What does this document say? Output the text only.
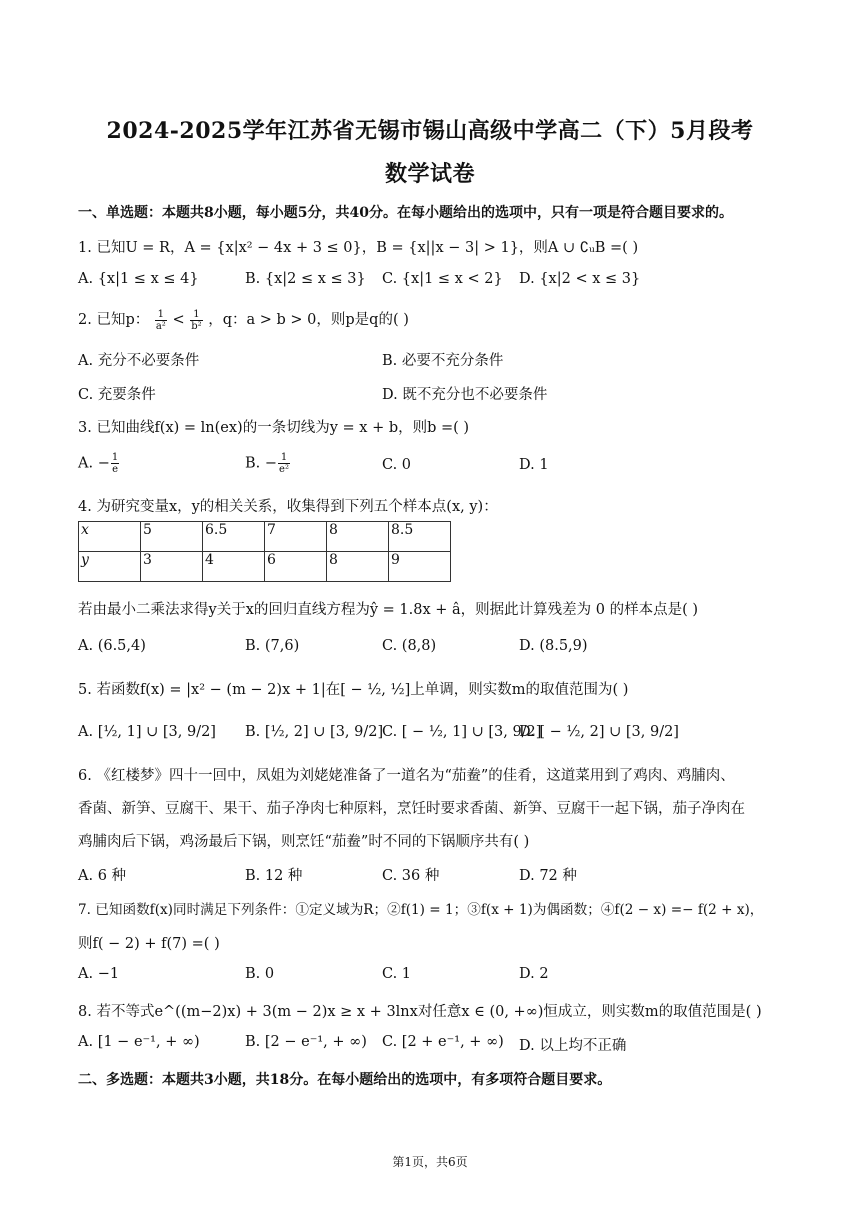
2024-2025学年江苏省无锡市锡山高级中学高二（下）5月段考
数学试卷
一、单选题：本题共8小题，每小题5分，共40分。在每小题给出的选项中，只有一项是符合题目要求的。
1. 已知U = R，A = {x|x² − 4x + 3 ≤ 0}，B = {x||x − 3| > 1}，则A ∪ ∁ᵤB =( )
A. {x|1 ≤ x ≤ 4}	B. {x|2 ≤ x ≤ 3} C. {x|1 ≤ x < 2} D. {x|2 < x ≤ 3}
2. 已知p： $\frac{1}{\text{a²}} < \frac{1}{\text{b²}}$ ，q：a > b > 0，则p是q的( )
A. 充分不必要条件	B. 必要不充分条件
C. 充要条件	D. 既不充分也不必要条件
3. 已知曲线f(x) = ln(ex)的一条切线为y = x + b，则b =( )
A. − $\frac{1}{e}$	B. − $\frac{1}{\text{e²}}$	C. 0	D. 1
4. 为研究变量x，y的相关关系，收集得到下列五个样本点(x, y)：
x	5	6.5	7	8	8.5
y	3	4	6	8	9
若由最小二乘法求得y关于x的回归直线方程为ŷ = 1.8x + â，则据此计算残差为 0 的样本点是( )
A. (6.5,4)	B. (7,6)	C. (8,8)	D. (8.5,9)
5. 若函数f(x) = |x² − (m − 2)x + 1|在[ − ½, ½]上单调，则实数m的取值范围为( )
A. [½, 1] ∪ [3, 9/2] B. [½, 2] ∪ [3, 9/2]
C. [ − ½, 1] ∪ [3, 9/2]
D. [ − ½, 2] ∪ [3, 9/2]
6. 《红楼梦》四十一回中，凤姐为刘姥姥准备了一道名为“茄鲞”的佳肴，这道菜用到了鸡肉、鸡脯肉、
香菌、新笋、豆腐干、果干、茄子净肉七种原料，烹饪时要求香菌、新笋、豆腐干一起下锅，茄子净肉在
鸡脯肉后下锅，鸡汤最后下锅，则烹饪“茄鲞”时不同的下锅顺序共有( )
A. 6 种	B. 12 种	C. 36 种	D. 72 种
7. 已知函数f(x)同时满足下列条件：①定义域为R；②f(1) = 1；③f(x + 1)为偶函数；④f(2 − x) =− f(2 + x)，
则f( − 2) + f(7) =( )
A. −1	B. 0	C. 1	D. 2
8. 若不等式e^((m−2)x) + 3(m − 2)x ≥ x + 3lnx对任意x ∈ (0, +∞)恒成立，则实数m的取值范围是( )
A. [1 − e⁻¹, + ∞)	B. [2 − e⁻¹, + ∞) C. [2 + e⁻¹, + ∞) D. 以上均不正确
二、多选题：本题共3小题，共18分。在每小题给出的选项中，有多项符合题目要求。
第1页，共6页
